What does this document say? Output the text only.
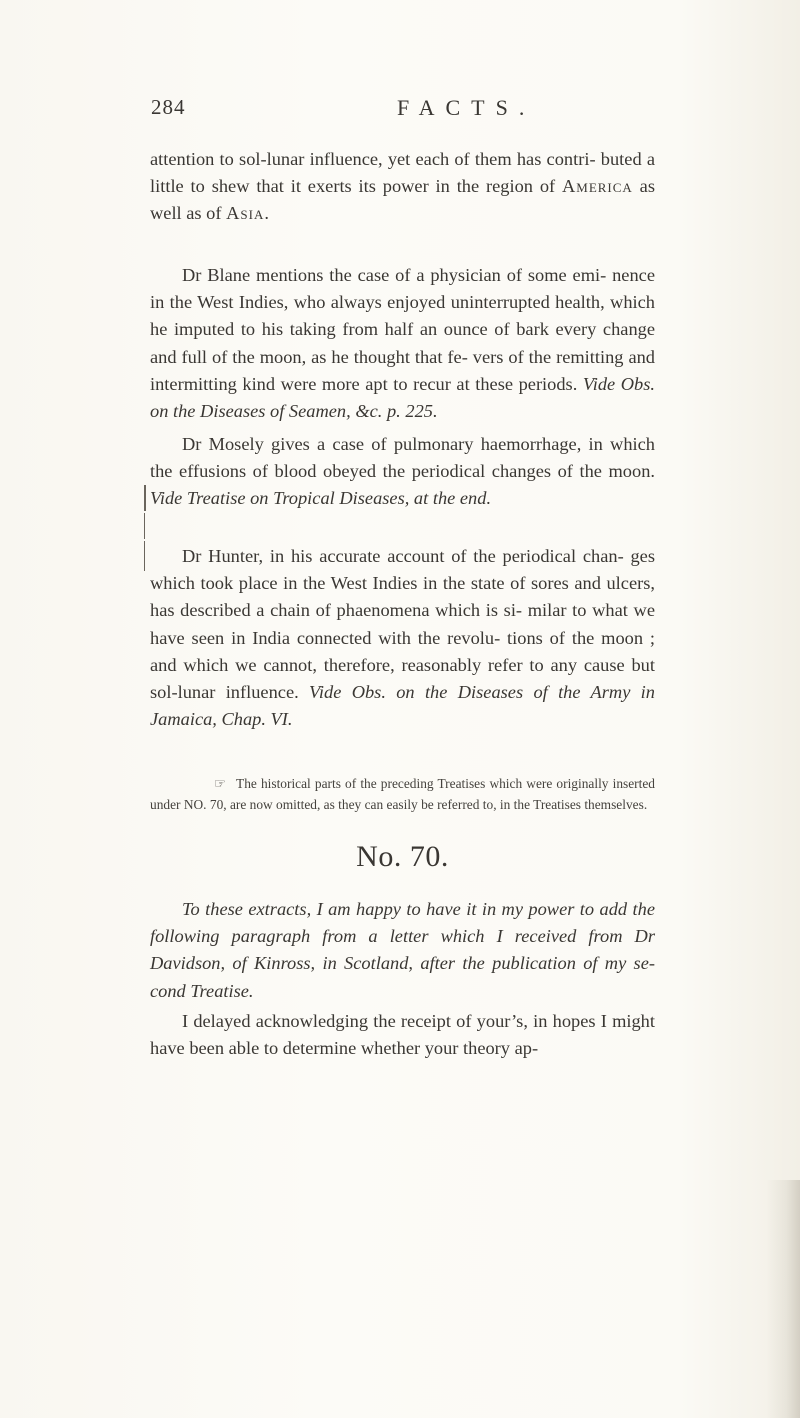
284	FACTS.
attention to sol-lunar influence, yet each of them has contri- buted a little to shew that it exerts its power in the region of America as well as of Asia.
Dr Blane mentions the case of a physician of some emi- nence in the West Indies, who always enjoyed uninterrupted health, which he imputed to his taking from half an ounce of bark every change and full of the moon, as he thought that fe- vers of the remitting and intermitting kind were more apt to recur at these periods. Vide Obs. on the Diseases of Seamen, &c. p. 225.
Dr Mosely gives a case of pulmonary haemorrhage, in which the effusions of blood obeyed the periodical changes of the moon. Vide Treatise on Tropical Diseases, at the end.
Dr Hunter, in his accurate account of the periodical chan- ges which took place in the West Indies in the state of sores and ulcers, has described a chain of phaenomena which is si- milar to what we have seen in India connected with the revolu- tions of the moon ; and which we cannot, therefore, reasonably refer to any cause but sol-lunar influence. Vide Obs. on the Diseases of the Army in Jamaica, Chap. VI.
☞ The historical parts of the preceding Treatises which were originally inserted under NO. 70, are now omitted, as they can easily be referred to, in the Treatises themselves.
No. 70.
To these extracts, I am happy to have it in my power to add the following paragraph from a letter which I received from Dr Davidson, of Kinross, in Scotland, after the publication of my se- cond Treatise.
I delayed acknowledging the receipt of your’s, in hopes I might have been able to determine whether your theory ap-
